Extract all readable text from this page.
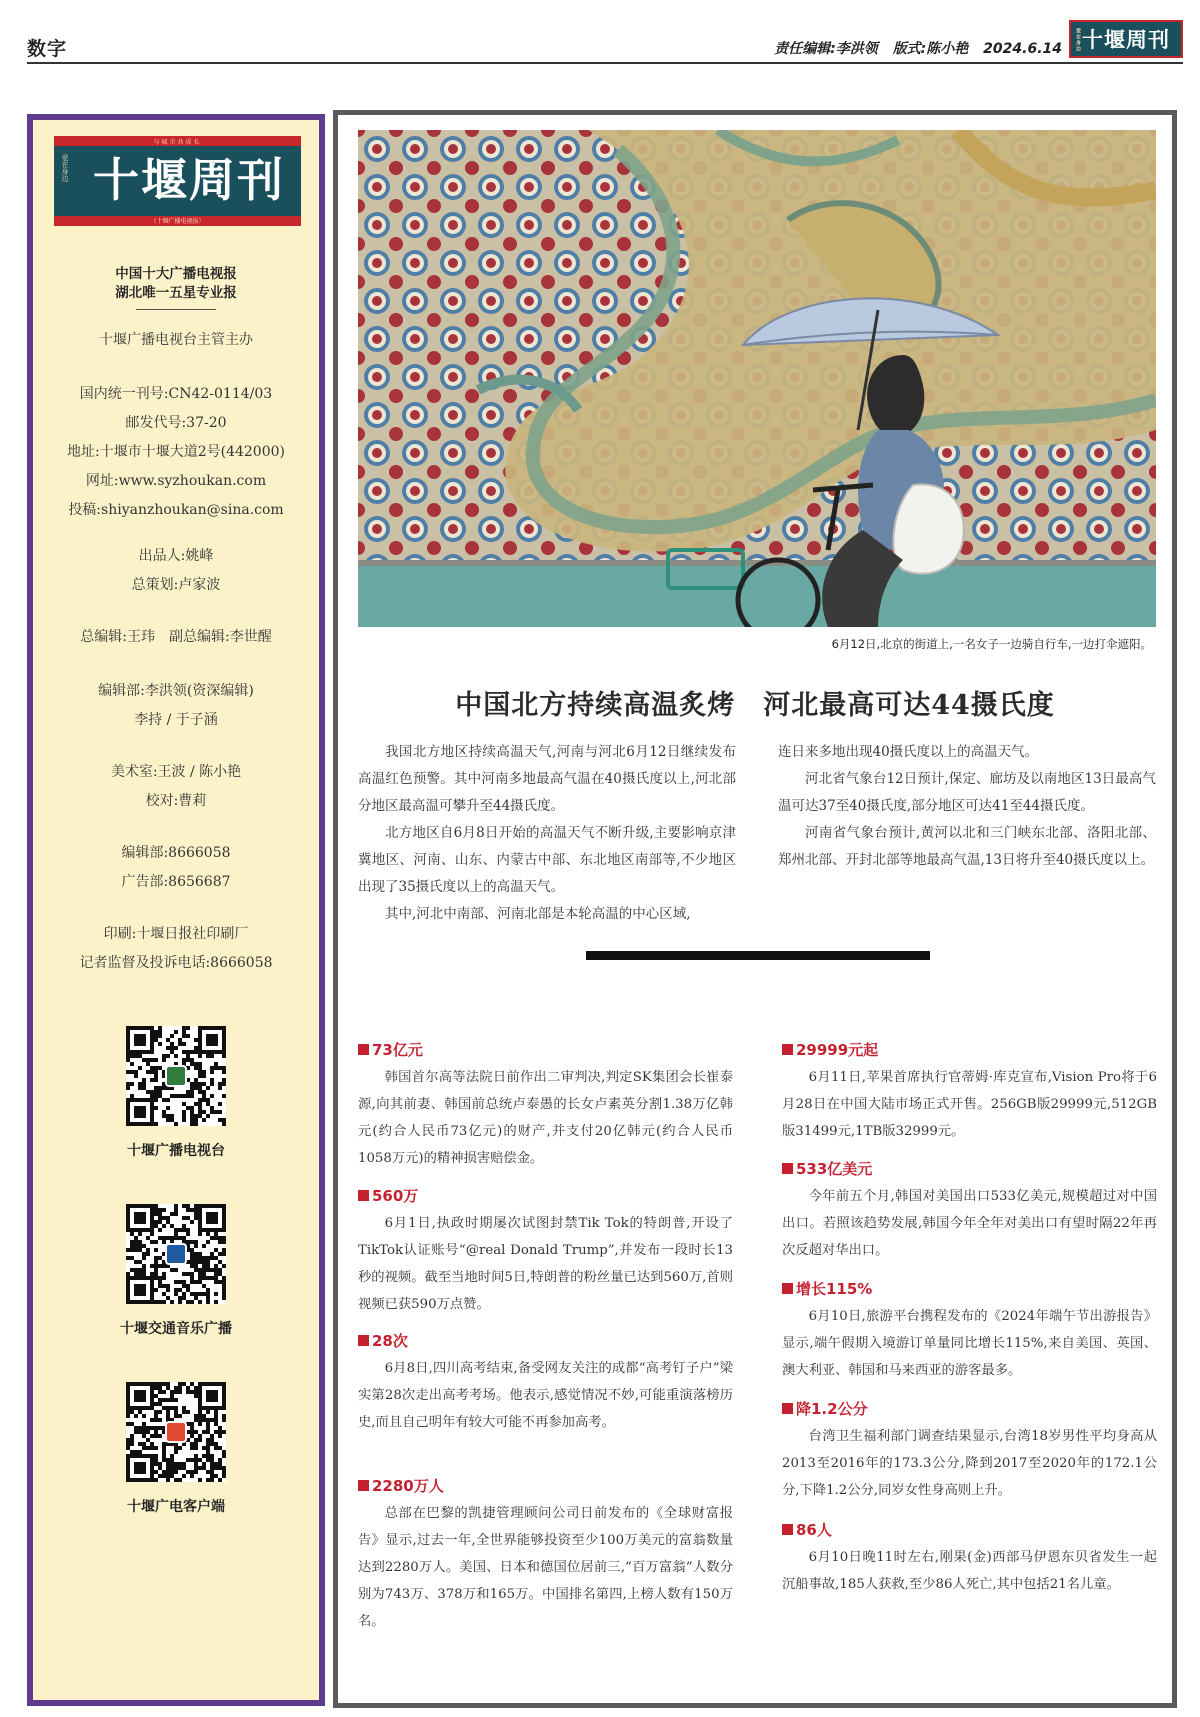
数字	责任编辑:李洪领 版式:陈小艳 2024.6.14	爱在身边 十堰周刊
与城市共成长
爱在身边 十堰周刊
（十堰广播电视报）
中国十大广播电视报
湖北唯一五星专业报
十堰广播电视台主管主办
国内统一刊号:CN42-0114/03
邮发代号:37-20
地址:十堰市十堰大道2号(442000)
网址:www.syzhoukan.com
投稿:shiyanzhoukan@sina.com
出品人:姚峰
总策划:卢家波
总编辑:王玮　副总编辑:李世醒
编辑部:李洪领(资深编辑)
李持 / 于子涵
美术室:王波 / 陈小艳
校对:曹莉
编辑部:8666058
广告部:8656687
印刷:十堰日报社印刷厂
记者监督及投诉电话:8666058
十堰广播电视台
十堰交通音乐广播
十堰广电客户端
6月12日,北京的街道上,一名女子一边骑自行车,一边打伞遮阳。
中国北方持续高温炙烤　河北最高可达44摄氏度

我国北方地区持续高温天气,河南与河北6月12日继续发布高温红色预警。其中河南多地最高气温在40摄氏度以上,河北部分地区最高温可攀升至44摄氏度。

北方地区自6月8日开始的高温天气不断升级,主要影响京津冀地区、河南、山东、内蒙古中部、东北地区南部等,不少地区出现了35摄氏度以上的高温天气。

其中,河北中南部、河南北部是本轮高温的中心区域,

连日来多地出现40摄氏度以上的高温天气。

河北省气象台12日预计,保定、廊坊及以南地区13日最高气温可达37至40摄氏度,部分地区可达41至44摄氏度。

河南省气象台预计,黄河以北和三门峡东北部、洛阳北部、郑州北部、开封北部等地最高气温,13日将升至40摄氏度以上。

73亿元
韩国首尔高等法院日前作出二审判决,判定SK集团会长崔泰源,向其前妻、韩国前总统卢泰愚的长女卢素英分割1.38万亿韩元(约合人民币73亿元)的财产,并支付20亿韩元(约合人民币1058万元)的精神损害赔偿金。
560万
6月1日,执政时期屡次试图封禁Tik Tok的特朗普,开设了TikTok认证账号“@real Donald Trump”,并发布一段时长13秒的视频。截至当地时间5日,特朗普的粉丝量已达到560万,首则视频已获590万点赞。
28次
6月8日,四川高考结束,备受网友关注的成都“高考钉子户”梁实第28次走出高考考场。他表示,感觉情况不妙,可能重演落榜历史,而且自己明年有较大可能不再参加高考。
2280万人
总部在巴黎的凯捷管理顾问公司日前发布的《全球财富报告》显示,过去一年,全世界能够投资至少100万美元的富翁数量达到2280万人。美国、日本和德国位居前三,“百万富翁”人数分别为743万、378万和165万。中国排名第四,上榜人数有150万名。
29999元起
6月11日,苹果首席执行官蒂姆·库克宣布,Vision Pro将于6月28日在中国大陆市场正式开售。256GB版29999元,512GB版31499元,1TB版32999元。
533亿美元
今年前五个月,韩国对美国出口533亿美元,规模超过对中国出口。若照该趋势发展,韩国今年全年对美出口有望时隔22年再次反超对华出口。
增长115%
6月10日,旅游平台携程发布的《2024年端午节出游报告》显示,端午假期入境游订单量同比增长115%,来自美国、英国、澳大利亚、韩国和马来西亚的游客最多。
降1.2公分
台湾卫生福利部门调查结果显示,台湾18岁男性平均身高从2013至2016年的173.3公分,降到2017至2020年的172.1公分,下降1.2公分,同岁女性身高则上升。
86人
6月10日晚11时左右,刚果(金)西部马伊恩东贝省发生一起沉船事故,185人获救,至少86人死亡,其中包括21名儿童。
